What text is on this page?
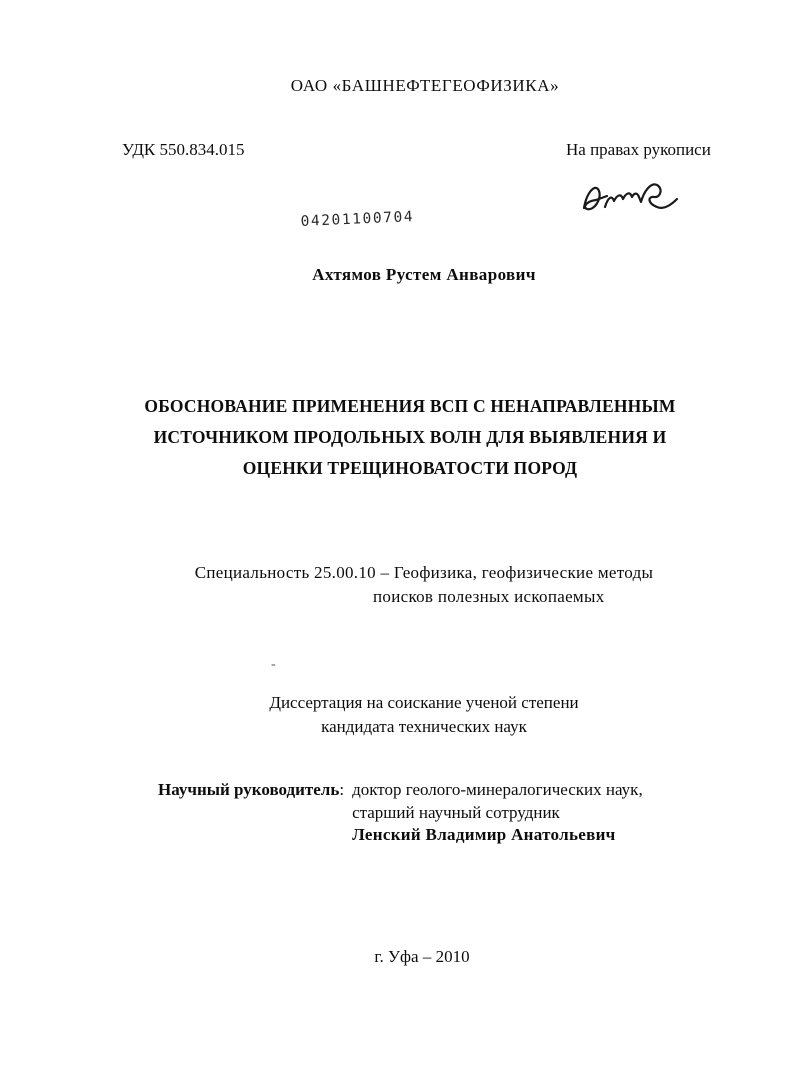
ОАО «БАШНЕФТЕГЕОФИЗИКА»
УДК 550.834.015	На правах рукописи
04201100704
Ахтямов Рустем Анварович
ОБОСНОВАНИЕ ПРИМЕНЕНИЯ ВСП С НЕНАПРАВЛЕННЫМ
ИСТОЧНИКОМ ПРОДОЛЬНЫХ ВОЛН ДЛЯ ВЫЯВЛЕНИЯ И
ОЦЕНКИ ТРЕЩИНОВАТОСТИ ПОРОД
Специальность 25.00.10 – Геофизика, геофизические методы
поисков полезных ископаемых
-
Диссертация на соискание ученой степени
кандидата технических наук
Научный руководитель: доктор геолого-минералогических наук,
старший научный сотрудник
Ленский Владимир Анатольевич
г. Уфа – 2010
